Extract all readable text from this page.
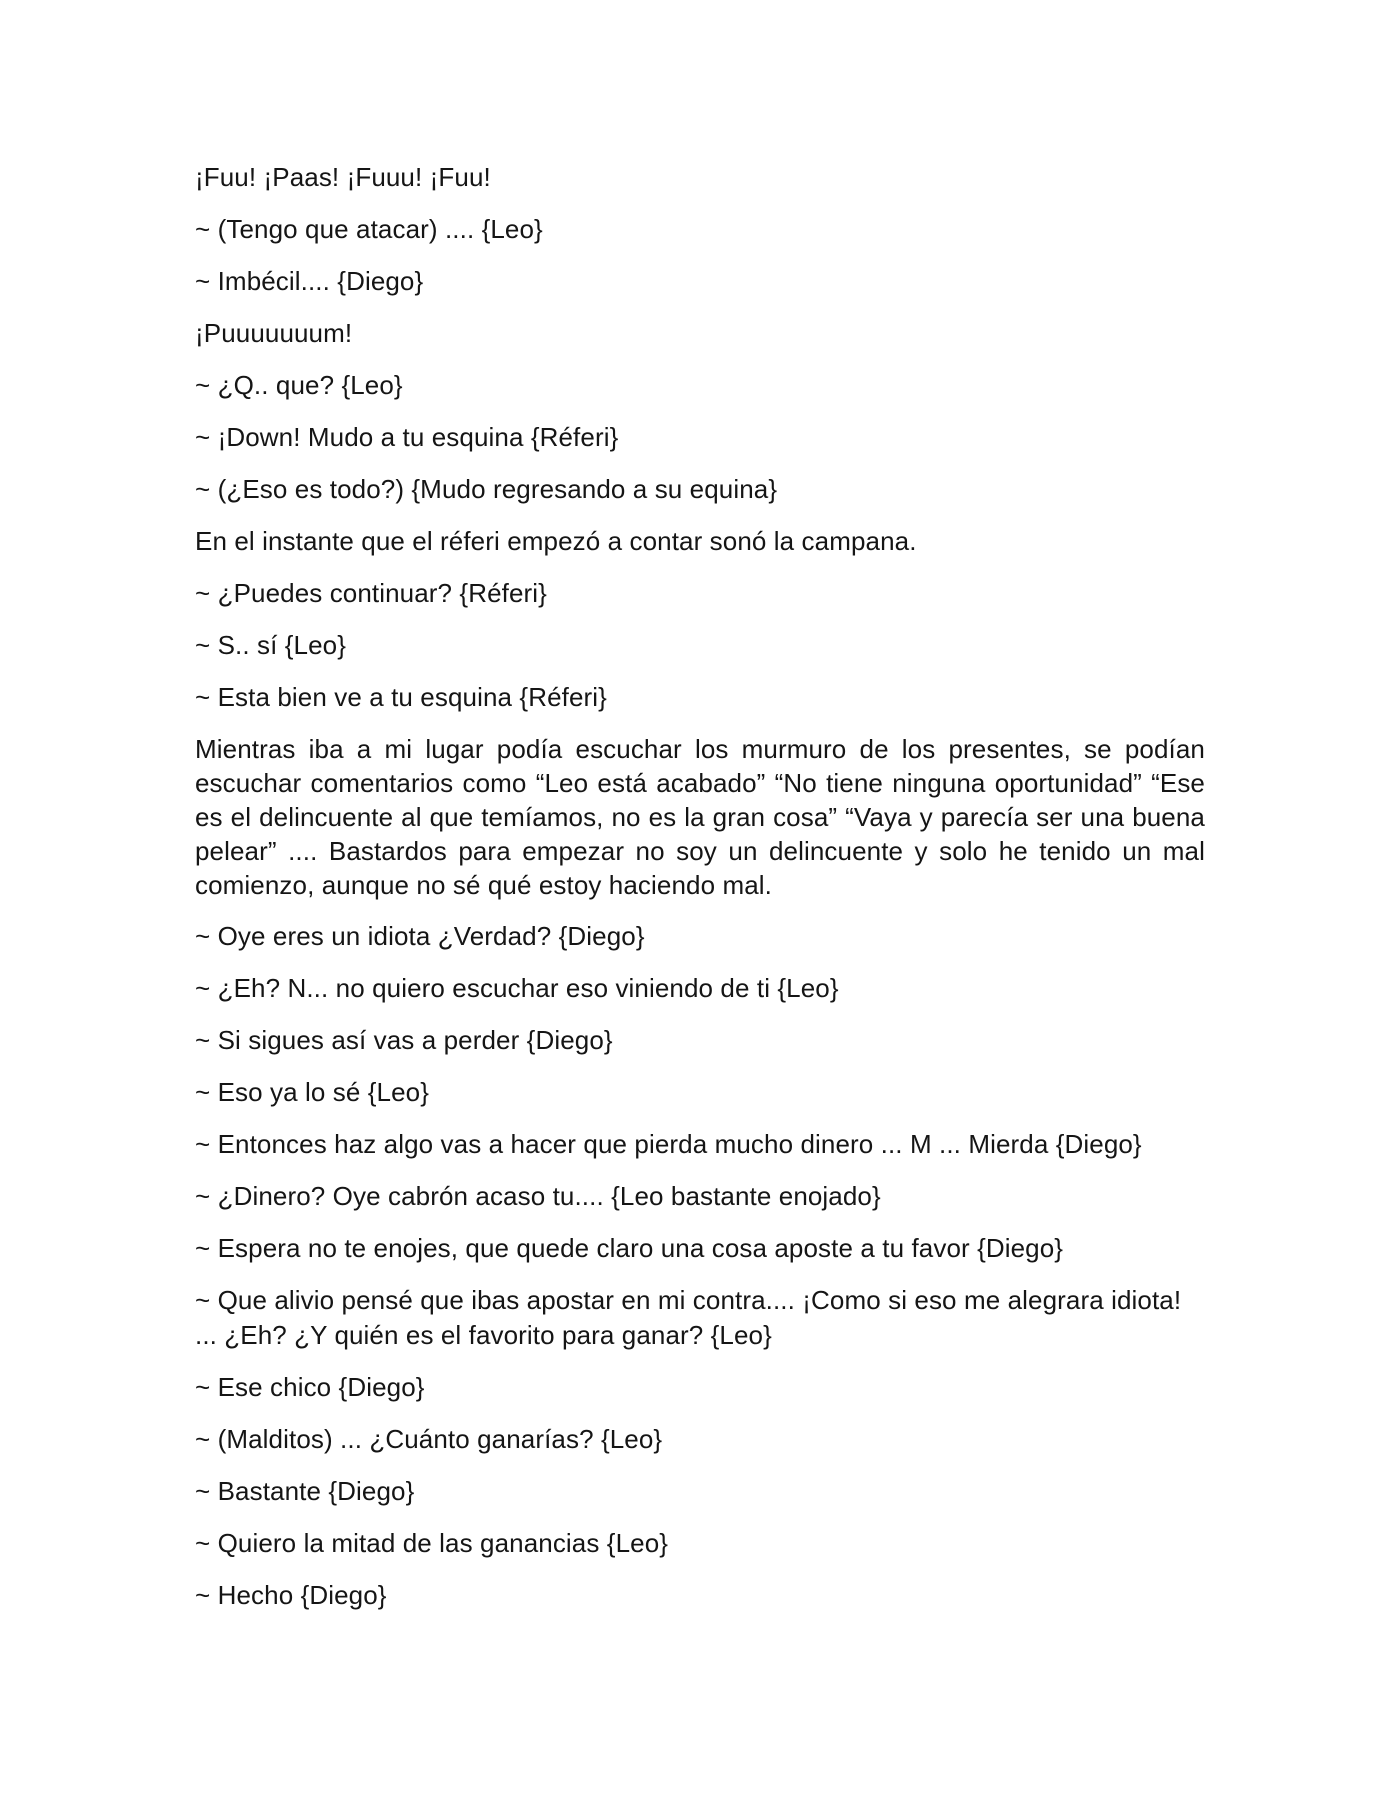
¡Fuu! ¡Paas! ¡Fuuu! ¡Fuu!

~ (Tengo que atacar) .... {Leo}

~ Imbécil.... {Diego}

¡Puuuuuuum!

~ ¿Q.. que? {Leo}

~ ¡Down! Mudo a tu esquina {Réferi}

~ (¿Eso es todo?) {Mudo regresando a su equina}

En el instante que el réferi empezó a contar sonó la campana.

~ ¿Puedes continuar? {Réferi}

~ S.. sí {Leo}

~ Esta bien ve a tu esquina {Réferi}

Mientras iba a mi lugar podía escuchar los murmuro de los presentes, se podían escuchar comentarios como “Leo está acabado” “No tiene ninguna oportunidad” “Ese es el delincuente al que temíamos, no es la gran cosa” “Vaya y parecía ser una buena pelear” .... Bastardos para empezar no soy un delincuente y solo he tenido un mal comienzo, aunque no sé qué estoy haciendo mal.

~ Oye eres un idiota ¿Verdad? {Diego}

~ ¿Eh? N... no quiero escuchar eso viniendo de ti {Leo}

~ Si sigues así vas a perder {Diego}

~ Eso ya lo sé {Leo}

~ Entonces haz algo vas a hacer que pierda mucho dinero ... M ... Mierda {Diego}

~ ¿Dinero? Oye cabrón acaso tu.... {Leo bastante enojado}

~ Espera no te enojes, que quede claro una cosa aposte a tu favor {Diego}

~ Que alivio pensé que ibas apostar en mi contra.... ¡Como si eso me alegrara idiota! ... ¿Eh? ¿Y quién es el favorito para ganar? {Leo}

~ Ese chico {Diego}

~ (Malditos) ... ¿Cuánto ganarías? {Leo}

~ Bastante {Diego}

~ Quiero la mitad de las ganancias {Leo}

~ Hecho {Diego}
